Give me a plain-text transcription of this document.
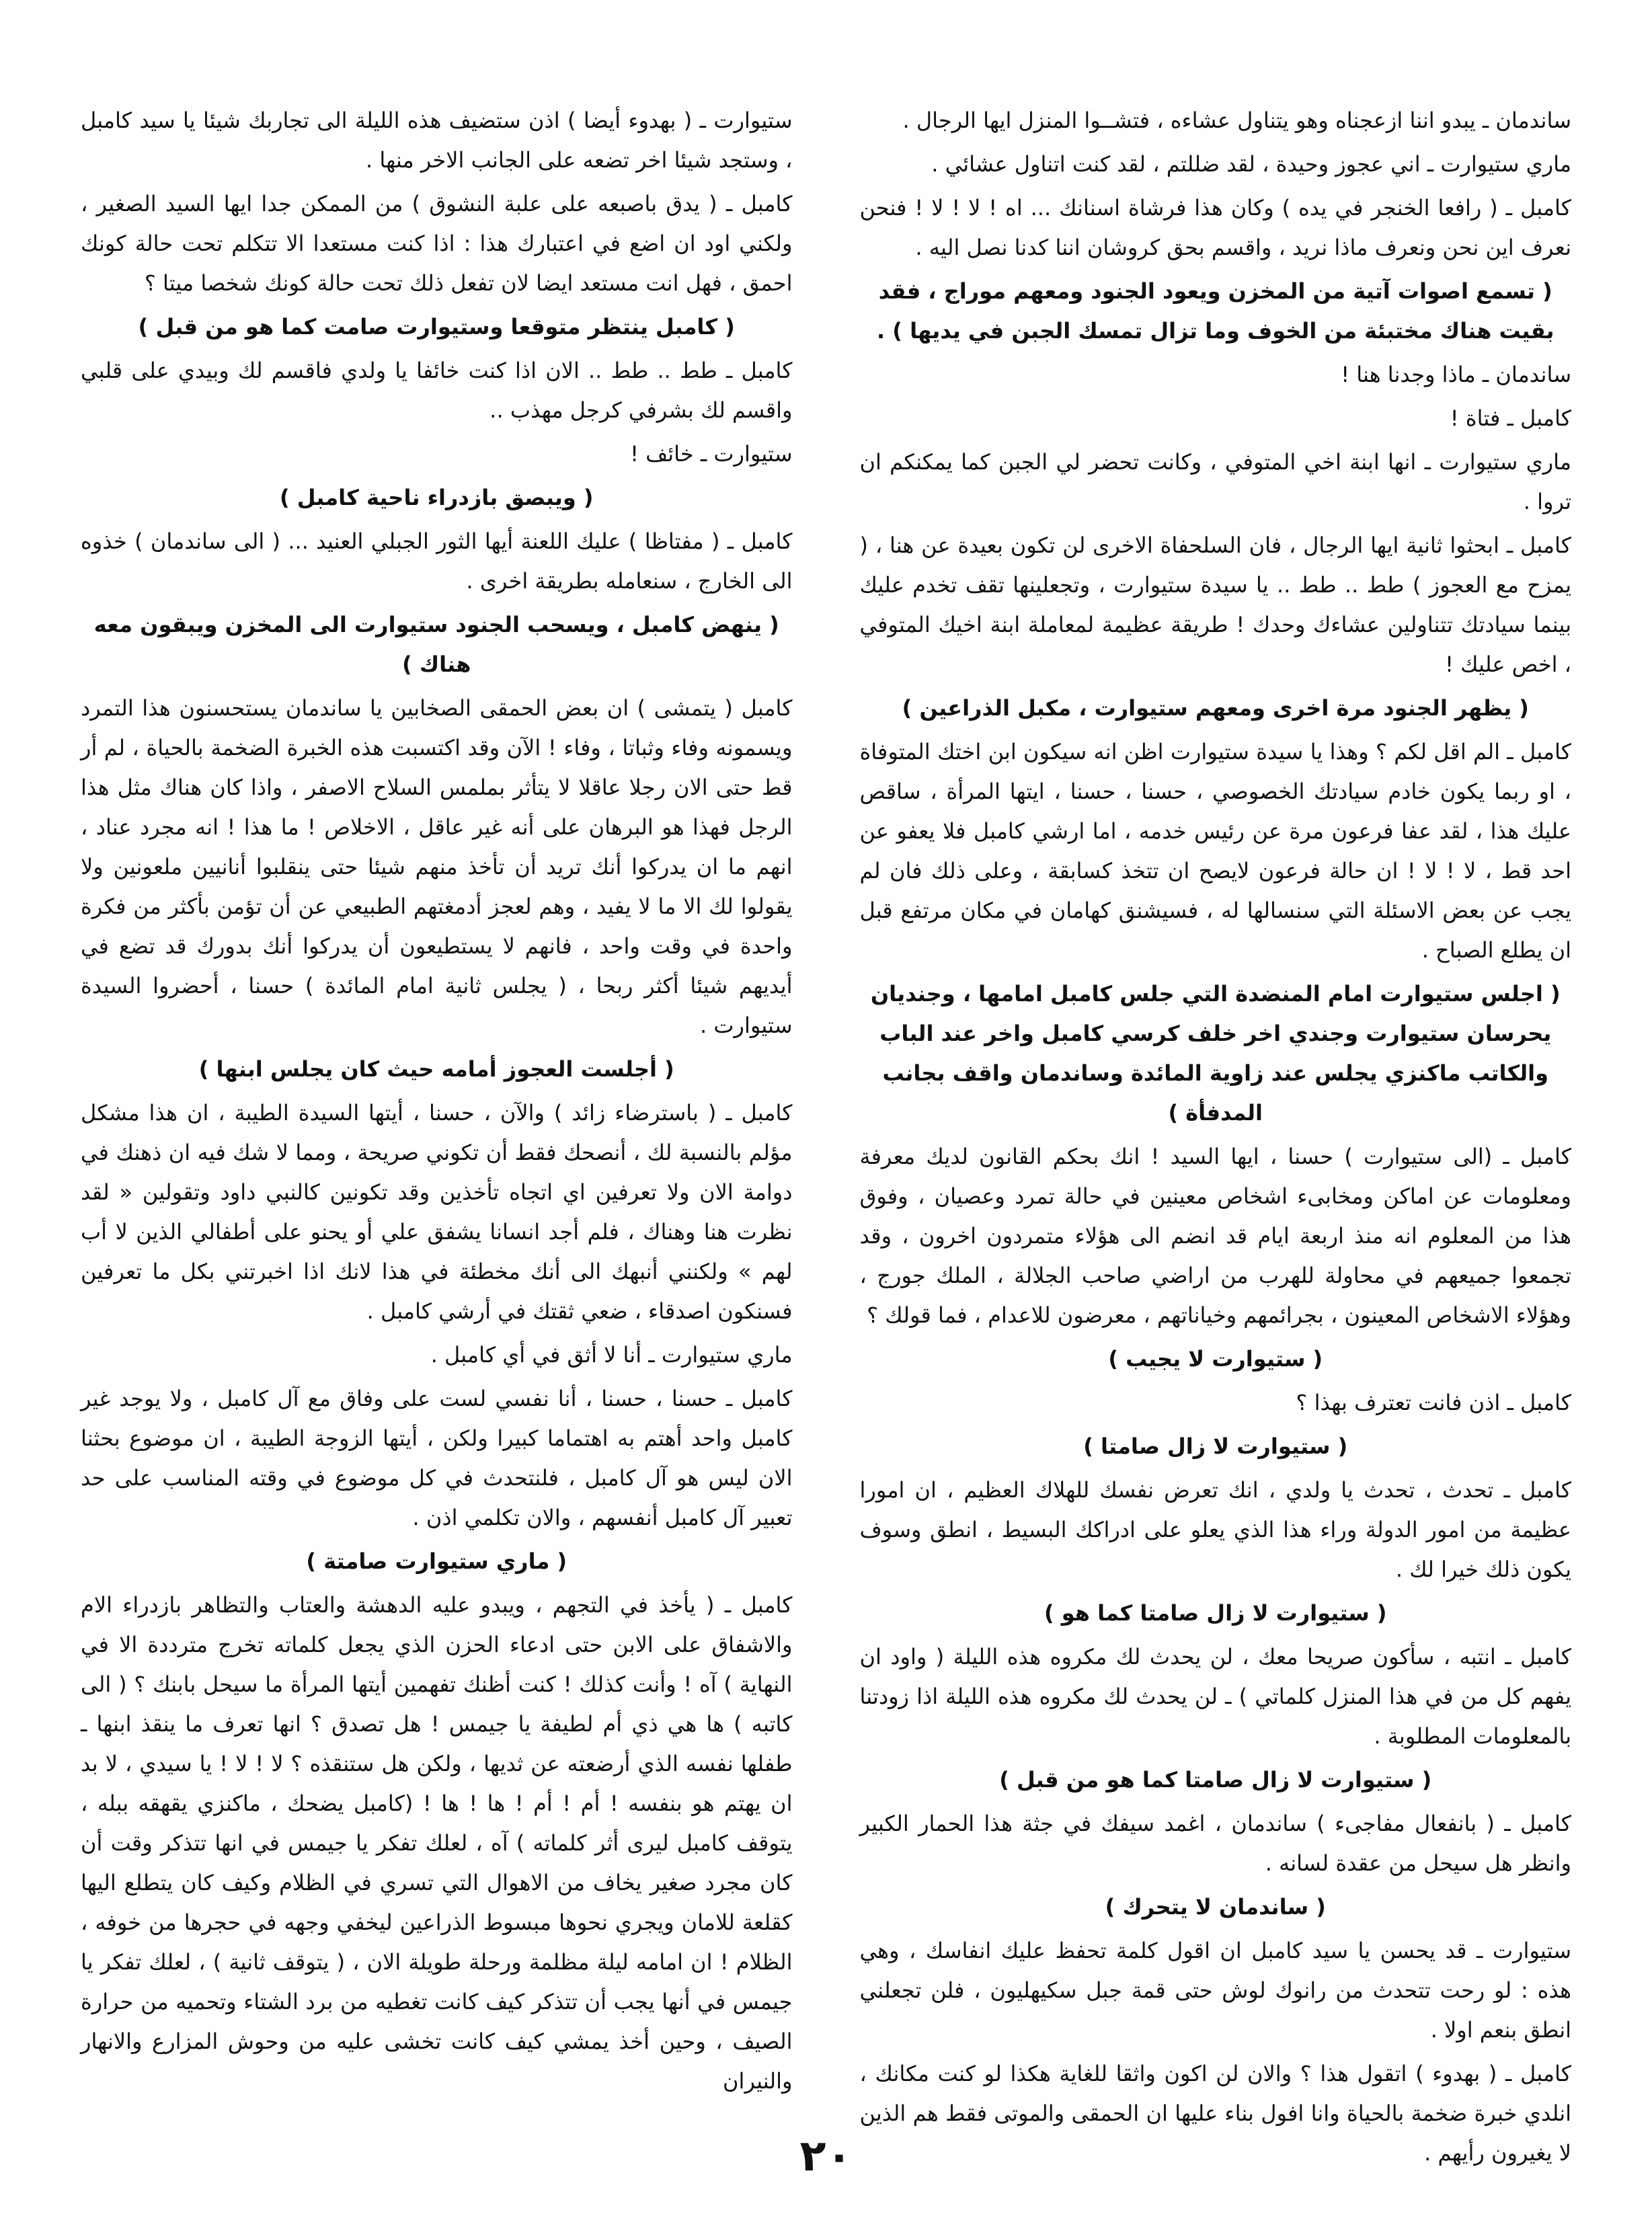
ساندمان ـ يبدو اننا ازعجناه وهو يتناول عشاءه ، فتشــوا المنزل ايها الرجال .

ماري ستيوارت ـ اني عجوز وحيدة ، لقد ضللتم ، لقد كنت اتناول عشائي .

كامبل ـ ( رافعا الخنجر في يده ) وكان هذا فرشاة اسنانك ... اه ! لا ! لا ! فنحن نعرف اين نحن ونعرف ماذا نريد ، واقسم بحق كروشان اننا كدنا نصل اليه .

( تسمع اصوات آتية من المخزن ويعود الجنود ومعهم موراج ، فقد بقيت هناك مختبئة من الخوف وما تزال تمسك الجبن في يديها ) .

ساندمان ـ ماذا وجدنا هنا !

كامبل ـ فتاة !

ماري ستيوارت ـ انها ابنة اخي المتوفي ، وكانت تحضر لي الجبن كما يمكنكم ان تروا .

كامبل ـ ابحثوا ثانية ايها الرجال ، فان السلحفاة الاخرى لن تكون بعيدة عن هنا ، ( يمزح مع العجوز ) طط .. طط .. يا سيدة ستيوارت ، وتجعلينها تقف تخدم عليك بينما سيادتك تتناولين عشاءك وحدك ! طريقة عظيمة لمعاملة ابنة اخيك المتوفي ، اخص عليك !

( يظهر الجنود مرة اخرى ومعهم ستيوارت ، مكبل الذراعين )

كامبل ـ الم اقل لكم ؟ وهذا يا سيدة ستيوارت اظن انه سيكون ابن اختك المتوفاة ، او ربما يكون خادم سيادتك الخصوصي ، حسنا ، حسنا ، ايتها المرأة ، ساقص عليك هذا ، لقد عفا فرعون مرة عن رئيس خدمه ، اما ارشي كامبل فلا يعفو عن احد قط ، لا ! لا ! ان حالة فرعون لايصح ان تتخذ كسابقة ، وعلى ذلك فان لم يجب عن بعض الاسئلة التي سنسالها له ، فسيشنق كهامان في مكان مرتفع قبل ان يطلع الصباح .

( اجلس ستيوارت امام المنضدة التي جلس كامبل امامها ، وجنديان يحرسان ستيوارت وجندي اخر خلف كرسي كامبل واخر عند الباب والكاتب ماكنزي يجلس عند زاوية المائدة وساندمان واقف بجانب المدفأة )

كامبل ـ (الى ستيوارت ) حسنا ، ايها السيد ! انك بحكم القانون لديك معرفة ومعلومات عن اماكن ومخابىء اشخاص معينين في حالة تمرد وعصيان ، وفوق هذا من المعلوم انه منذ اربعة ايام قد انضم الى هؤلاء متمردون اخرون ، وقد تجمعوا جميعهم في محاولة للهرب من اراضي صاحب الجلالة ، الملك جورج ، وهؤلاء الاشخاص المعينون ، بجرائمهم وخياناتهم ، معرضون للاعدام ، فما قولك ؟

( ستيوارت لا يجيب )

كامبل ـ اذن فانت تعترف بهذا ؟

( ستيوارت لا زال صامتا )

كامبل ـ تحدث ، تحدث يا ولدي ، انك تعرض نفسك للهلاك العظيم ، ان امورا عظيمة من امور الدولة وراء هذا الذي يعلو على ادراكك البسيط ، انطق وسوف يكون ذلك خيرا لك .

( ستيوارت لا زال صامتا كما هو )

كامبل ـ انتبه ، سأكون صريحا معك ، لن يحدث لك مكروه هذه الليلة ( واود ان يفهم كل من في هذا المنزل كلماتي ) ـ لن يحدث لك مكروه هذه الليلة اذا زودتنا بالمعلومات المطلوبة .

( ستيوارت لا زال صامتا كما هو من قبل )

كامبل ـ ( بانفعال مفاجىء ) ساندمان ، اغمد سيفك في جثة هذا الحمار الكبير وانظر هل سيحل من عقدة لسانه .

( ساندمان لا يتحرك )

ستيوارت ـ قد يحسن يا سيد كامبل ان اقول كلمة تحفظ عليك انفاسك ، وهي هذه : لو رحت تتحدث من رانوك لوش حتى قمة جبل سكيهليون ، فلن تجعلني انطق بنعم اولا .

كامبل ـ ( بهدوء ) اتقول هذا ؟ والان لن اكون واثقا للغاية هكذا لو كنت مكانك ، انلدي خبرة ضخمة بالحياة وانا افول بناء عليها ان الحمقى والموتى فقط هم الذين لا يغيرون رأيهم .

ستيوارت ـ ( بهدوء أيضا ) اذن ستضيف هذه الليلة الى تجاربك شيئا يا سيد كامبل ، وستجد شيئا اخر تضعه على الجانب الاخر منها .

كامبل ـ ( يدق باصبعه على علبة النشوق ) من الممكن جدا ايها السيد الصغير ، ولكني اود ان اضع في اعتبارك هذا : اذا كنت مستعدا الا تتكلم تحت حالة كونك احمق ، فهل انت مستعد ايضا لان تفعل ذلك تحت حالة كونك شخصا ميتا ؟

( كامبل ينتظر متوقعا وستيوارت صامت كما هو من قبل )

كامبل ـ طط .. طط .. الان اذا كنت خائفا يا ولدي فاقسم لك وبيدي على قلبي واقسم لك بشرفي كرجل مهذب ..

ستيوارت ـ خائف !

( ويبصق بازدراء ناحية كامبل )

كامبل ـ ( مفتاظا ) عليك اللعنة أيها الثور الجبلي العنيد ... ( الى ساندمان ) خذوه الى الخارج ، سنعامله بطريقة اخرى .

( ينهض كامبل ، ويسحب الجنود ستيوارت الى المخزن ويبقون معه هناك )

كامبل ( يتمشى ) ان بعض الحمقى الصخابين يا ساندمان يستحسنون هذا التمرد ويسمونه وفاء وثباتا ، وفاء ! الآن وقد اكتسبت هذه الخبرة الضخمة بالحياة ، لم أر قط حتى الان رجلا عاقلا لا يتأثر بملمس السلاح الاصفر ، واذا كان هناك مثل هذا الرجل فهذا هو البرهان على أنه غير عاقل ، الاخلاص ! ما هذا ! انه مجرد عناد ، انهم ما ان يدركوا أنك تريد أن تأخذ منهم شيئا حتى ينقلبوا أنانيين ملعونين ولا يقولوا لك الا ما لا يفيد ، وهم لعجز أدمغتهم الطبيعي عن أن تؤمن بأكثر من فكرة واحدة في وقت واحد ، فانهم لا يستطيعون أن يدركوا أنك بدورك قد تضع في أيديهم شيئا أكثر ربحا ، ( يجلس ثانية امام المائدة ) حسنا ، أحضروا السيدة ستيوارت .

( أجلست العجوز أمامه حيث كان يجلس ابنها )

كامبل ـ ( باسترضاء زائد ) والآن ، حسنا ، أيتها السيدة الطيبة ، ان هذا مشكل مؤلم بالنسبة لك ، أنصحك فقط أن تكوني صريحة ، ومما لا شك فيه ان ذهنك في دوامة الان ولا تعرفين اي اتجاه تأخذين وقد تكونين كالنبي داود وتقولين « لقد نظرت هنا وهناك ، فلم أجد انسانا يشفق علي أو يحنو على أطفالي الذين لا أب لهم » ولكنني أنبهك الى أنك مخطئة في هذا لانك اذا اخبرتني بكل ما تعرفين فسنكون اصدقاء ، ضعي ثقتك في أرشي كامبل .

ماري ستيوارت ـ أنا لا أثق في أي كامبل .

كامبل ـ حسنا ، حسنا ، أنا نفسي لست على وفاق مع آل كامبل ، ولا يوجد غير كامبل واحد أهتم به اهتماما كبيرا ولكن ، أيتها الزوجة الطيبة ، ان موضوع بحثنا الان ليس هو آل كامبل ، فلنتحدث في كل موضوع في وقته المناسب على حد تعبير آل كامبل أنفسهم ، والان تكلمي اذن .

( ماري ستيوارت صامتة )

كامبل ـ ( يأخذ في التجهم ، ويبدو عليه الدهشة والعتاب والتظاهر بازدراء الام والاشفاق على الابن حتى ادعاء الحزن الذي يجعل كلماته تخرج مترددة الا في النهاية ) آه ! وأنت كذلك ! كنت أظنك تفهمين أيتها المرأة ما سيحل بابنك ؟ ( الى كاتبه ) ها هي ذي أم لطيفة يا جيمس ! هل تصدق ؟ انها تعرف ما ينقذ ابنها ـ طفلها نفسه الذي أرضعته عن ثديها ، ولكن هل ستنقذه ؟ لا ! لا ! يا سيدي ، لا بد ان يهتم هو بنفسه ! أم ! أم ! ها ! ها ! (كامبل يضحك ، ماكنزي يقهقه ببله ، يتوقف كامبل ليرى أثر كلماته ) آه ، لعلك تفكر يا جيمس في انها تتذكر وقت أن كان مجرد صغير يخاف من الاهوال التي تسري في الظلام وكيف كان يتطلع اليها كقلعة للامان ويجري نحوها مبسوط الذراعين ليخفي وجهه في حجرها من خوفه ، الظلام ! ان امامه ليلة مظلمة ورحلة طويلة الان ، ( يتوقف ثانية ) ، لعلك تفكر يا جيمس في أنها يجب أن تتذكر كيف كانت تغطيه من برد الشتاء وتحميه من حرارة الصيف ، وحين أخذ يمشي كيف كانت تخشى عليه من وحوش المزارع والانهار والنيران

٢٠
